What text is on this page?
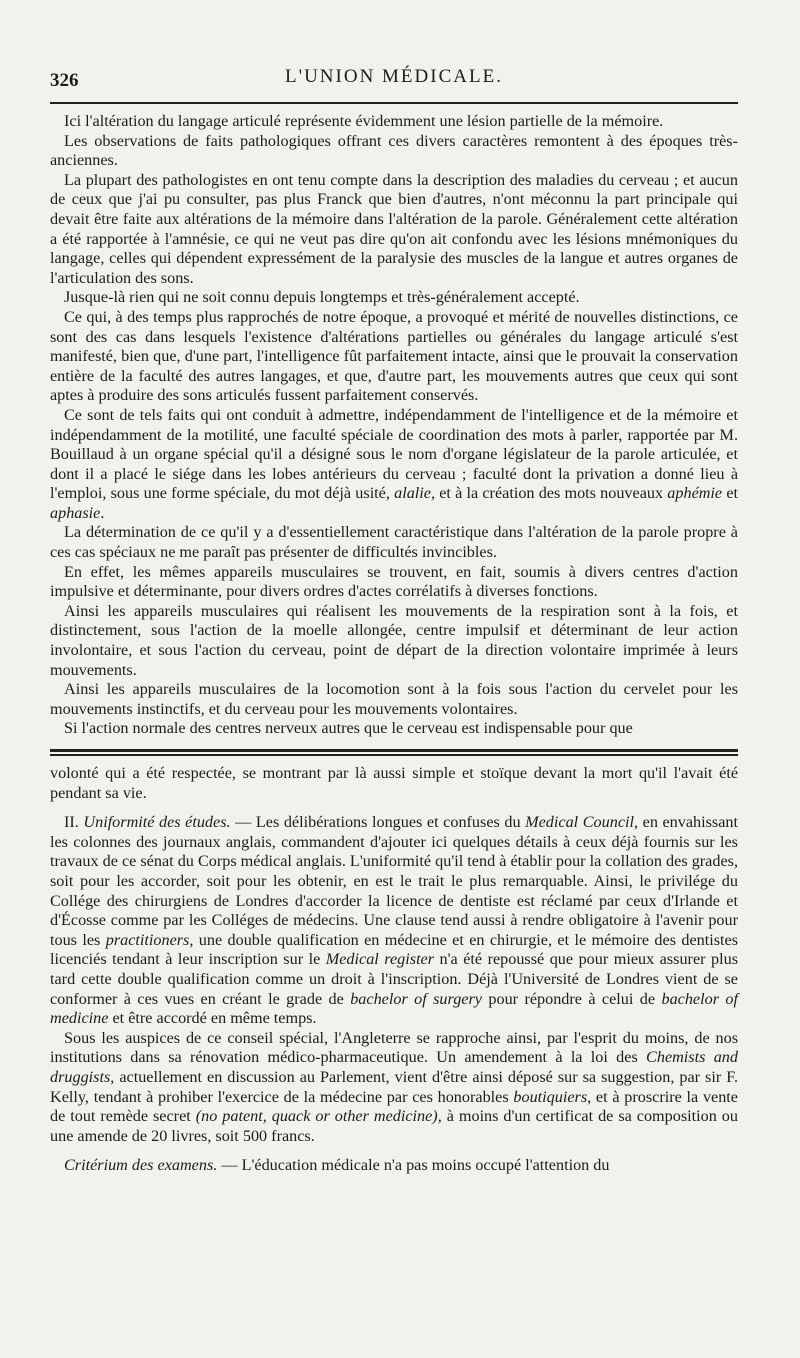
326	L'UNION MÉDICALE.

Ici l'altération du langage articulé représente évidemment une lésion partielle de la mémoire.

Les observations de faits pathologiques offrant ces divers caractères remontent à des époques très-anciennes.

La plupart des pathologistes en ont tenu compte dans la description des maladies du cerveau ; et aucun de ceux que j'ai pu consulter, pas plus Franck que bien d'autres, n'ont méconnu la part principale qui devait être faite aux altérations de la mémoire dans l'altération de la parole. Généralement cette altération a été rapportée à l'amnésie, ce qui ne veut pas dire qu'on ait confondu avec les lésions mnémoniques du langage, celles qui dépendent expressément de la paralysie des muscles de la langue et autres organes de l'articulation des sons.

Jusque-là rien qui ne soit connu depuis longtemps et très-généralement accepté.

Ce qui, à des temps plus rapprochés de notre époque, a provoqué et mérité de nouvelles distinctions, ce sont des cas dans lesquels l'existence d'altérations partielles ou générales du langage articulé s'est manifesté, bien que, d'une part, l'intelligence fût parfaitement intacte, ainsi que le prouvait la conservation entière de la faculté des autres langages, et que, d'autre part, les mouvements autres que ceux qui sont aptes à produire des sons articulés fussent parfaitement conservés.

Ce sont de tels faits qui ont conduit à admettre, indépendamment de l'intelligence et de la mémoire et indépendamment de la motilité, une faculté spéciale de coordination des mots à parler, rapportée par M. Bouillaud à un organe spécial qu'il a désigné sous le nom d'organe législateur de la parole articulée, et dont il a placé le siége dans les lobes antérieurs du cerveau ; faculté dont la privation a donné lieu à l'emploi, sous une forme spéciale, du mot déjà usité, alalie, et à la création des mots nouveaux aphémie et aphasie.

La détermination de ce qu'il y a d'essentiellement caractéristique dans l'altération de la parole propre à ces cas spéciaux ne me paraît pas présenter de difficultés invincibles.

En effet, les mêmes appareils musculaires se trouvent, en fait, soumis à divers centres d'action impulsive et déterminante, pour divers ordres d'actes corrélatifs à diverses fonctions.

Ainsi les appareils musculaires qui réalisent les mouvements de la respiration sont à la fois, et distinctement, sous l'action de la moelle allongée, centre impulsif et déterminant de leur action involontaire, et sous l'action du cerveau, point de départ de la direction volontaire imprimée à leurs mouvements.

Ainsi les appareils musculaires de la locomotion sont à la fois sous l'action du cervelet pour les mouvements instinctifs, et du cerveau pour les mouvements volontaires.

Si l'action normale des centres nerveux autres que le cerveau est indispensable pour que

volonté qui a été respectée, se montrant par là aussi simple et stoïque devant la mort qu'il l'avait été pendant sa vie.

II. Uniformité des études. — Les délibérations longues et confuses du Medical Council, en envahissant les colonnes des journaux anglais, commandent d'ajouter ici quelques détails à ceux déjà fournis sur les travaux de ce sénat du Corps médical anglais. L'uniformité qu'il tend à établir pour la collation des grades, soit pour les accorder, soit pour les obtenir, en est le trait le plus remarquable. Ainsi, le privilége du Collége des chirurgiens de Londres d'accorder la licence de dentiste est réclamé par ceux d'Irlande et d'Écosse comme par les Colléges de médecins. Une clause tend aussi à rendre obligatoire à l'avenir pour tous les practitioners, une double qualification en médecine et en chirurgie, et le mémoire des dentistes licenciés tendant à leur inscription sur le Medical register n'a été repoussé que pour mieux assurer plus tard cette double qualification comme un droit à l'inscription. Déjà l'Université de Londres vient de se conformer à ces vues en créant le grade de bachelor of surgery pour répondre à celui de bachelor of medicine et être accordé en même temps.

Sous les auspices de ce conseil spécial, l'Angleterre se rapproche ainsi, par l'esprit du moins, de nos institutions dans sa rénovation médico-pharmaceutique. Un amendement à la loi des Chemists and druggists, actuellement en discussion au Parlement, vient d'être ainsi déposé sur sa suggestion, par sir F. Kelly, tendant à prohiber l'exercice de la médecine par ces honorables boutiquiers, et à proscrire la vente de tout remède secret (no patent, quack or other medicine), à moins d'un certificat de sa composition ou une amende de 20 livres, soit 500 francs.

Critérium des examens. — L'éducation médicale n'a pas moins occupé l'attention du
